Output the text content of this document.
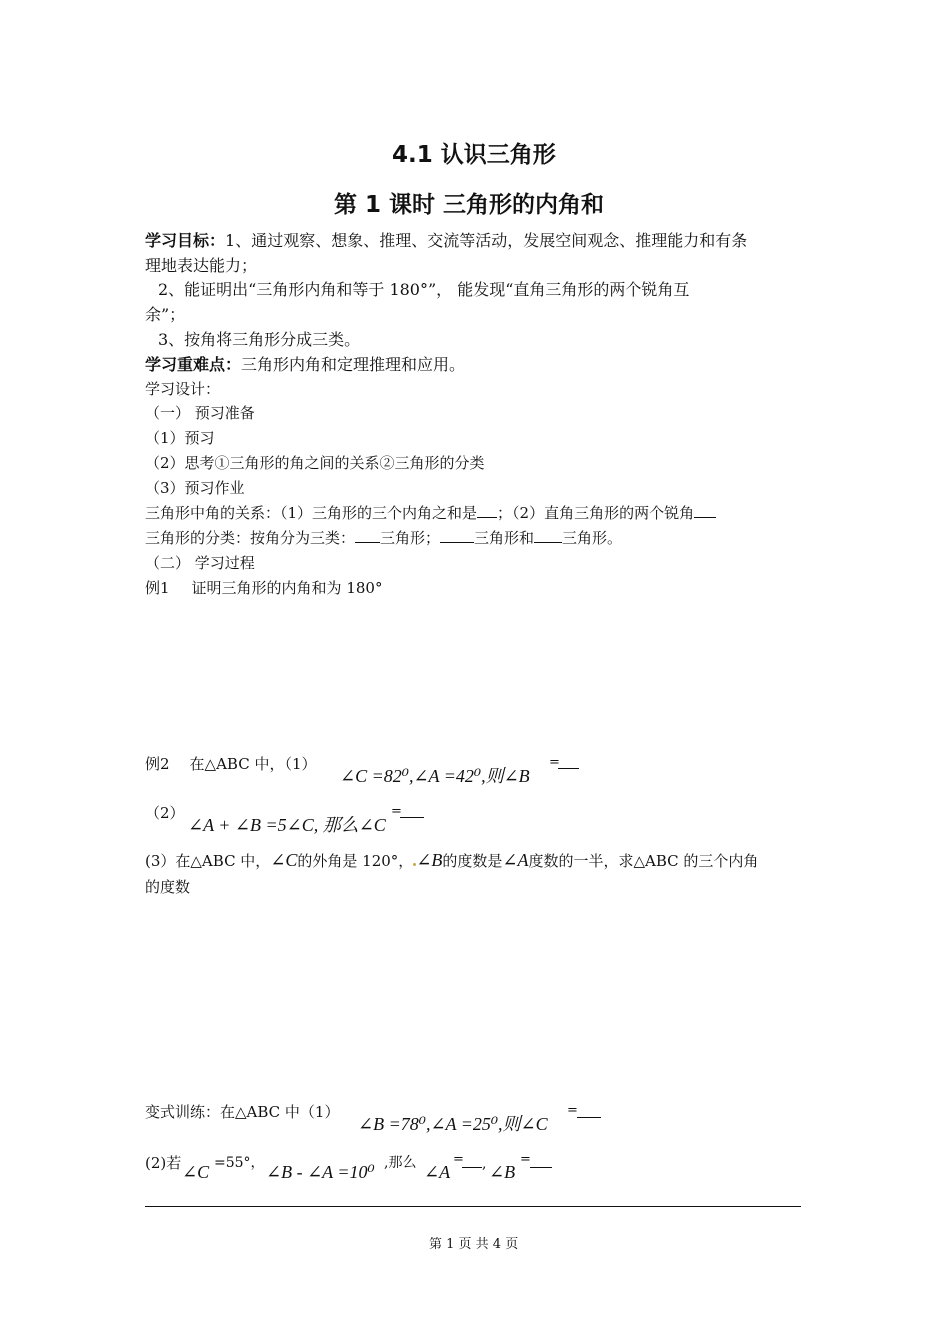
4.1 认识三角形
第 1 课时 三角形的内角和
学习目标：1、通过观察、想象、推理、交流等活动，发展空间观念、推理能力和有条
理地表达能力；
2、能证明出“三角形内角和等于 180°”， 能发现“直角三角形的两个锐角互
余”；
3、按角将三角形分成三类。
学习重难点：三角形内角和定理推理和应用。
学习设计：
（一） 预习准备
（1）预习
（2）思考①三角形的角之间的关系②三角形的分类
（3）预习作业
三角形中角的关系：（1）三角形的三个内角之和是 ；（2）直角三角形的两个锐角
三角形的分类：按角分为三类： 三角形； 三角形和 三角形。
（二） 学习过程
例1 证明三角形的内角和为 180°
例2 在△ABC 中，（1）
∠C =82⁰,∠A =42⁰,则∠B
=
（2）
∠A + ∠B =5∠C, 那么∠C
=
(3）在△ABC 中，∠C的外角是 120°， ∠B的度数是∠A度数的一半，求△ABC 的三个内角
的度数
变式训练：在△ABC 中（1）
∠B =78⁰,∠A =25⁰,则∠C
=
(2)若 ∠C =55°， ∠B - ∠A =10⁰ ,那么 ∠A
= , ∠B
=
第 1 页 共 4 页
